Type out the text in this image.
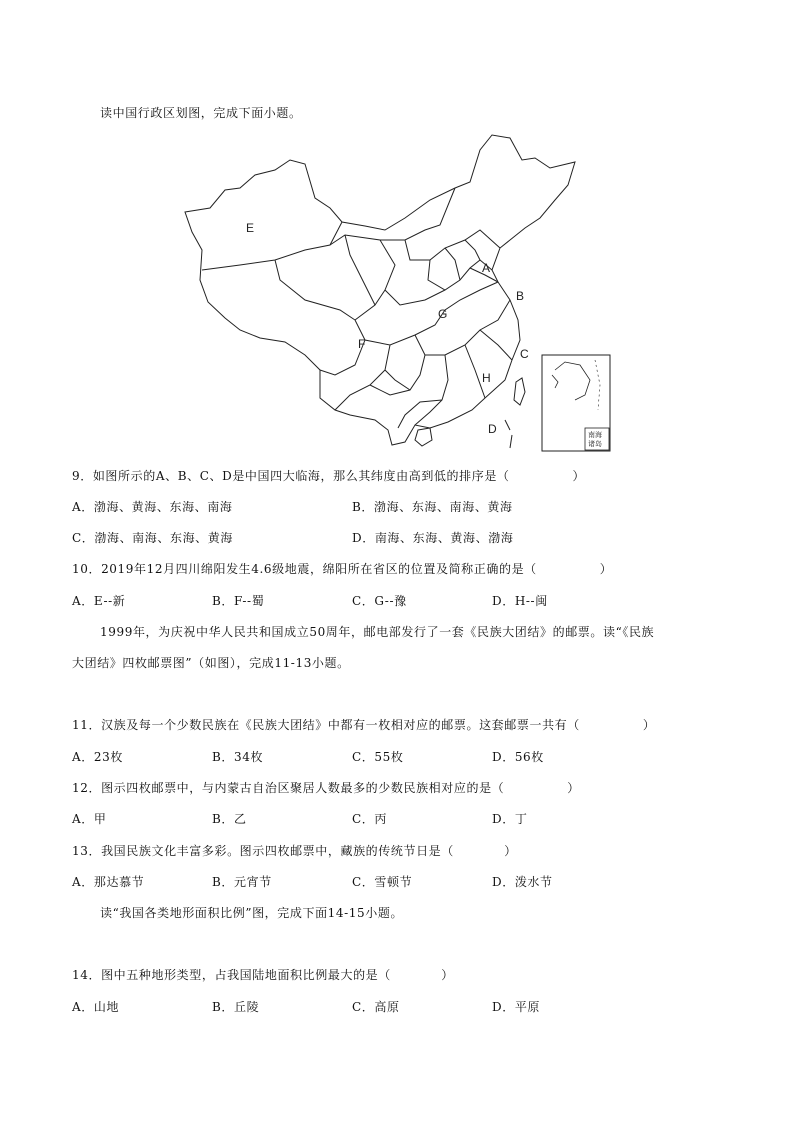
读中国行政区划图，完成下面小题。
E
A
B
G
F
C
H
D	南海
诸岛
9．如图所示的A、B、C、D是中国四大临海，那么其纬度由高到低的排序是（　　　　　）
A．渤海、黄海、东海、南海	B．渤海、东海、南海、黄海
C．渤海、南海、东海、黄海	D．南海、东海、黄海、渤海
10．2019年12月四川绵阳发生4.6级地震，绵阳所在省区的位置及简称正确的是（　　　　　）
A．E--新	B．F--蜀	C．G--豫	D．H--闽
1999年，为庆祝中华人民共和国成立50周年，邮电部发行了一套《民族大团结》的邮票。读“《民族
大团结》四枚邮票图”（如图），完成11-13小题。
11．汉族及每一个少数民族在《民族大团结》中都有一枚相对应的邮票。这套邮票一共有（　　　　　）
A．23枚	B．34枚	C．55枚	D．56枚
12．图示四枚邮票中，与内蒙古自治区聚居人数最多的少数民族相对应的是（　　　　　）
A．甲	B．乙	C．丙	D．丁
13．我国民族文化丰富多彩。图示四枚邮票中，藏族的传统节日是（　　　　）
A．那达慕节	B．元宵节	C．雪顿节	D．泼水节
读“我国各类地形面积比例”图，完成下面14-15小题。
14．图中五种地形类型，占我国陆地面积比例最大的是（　　　　）
A．山地	B．丘陵	C．高原	D．平原
